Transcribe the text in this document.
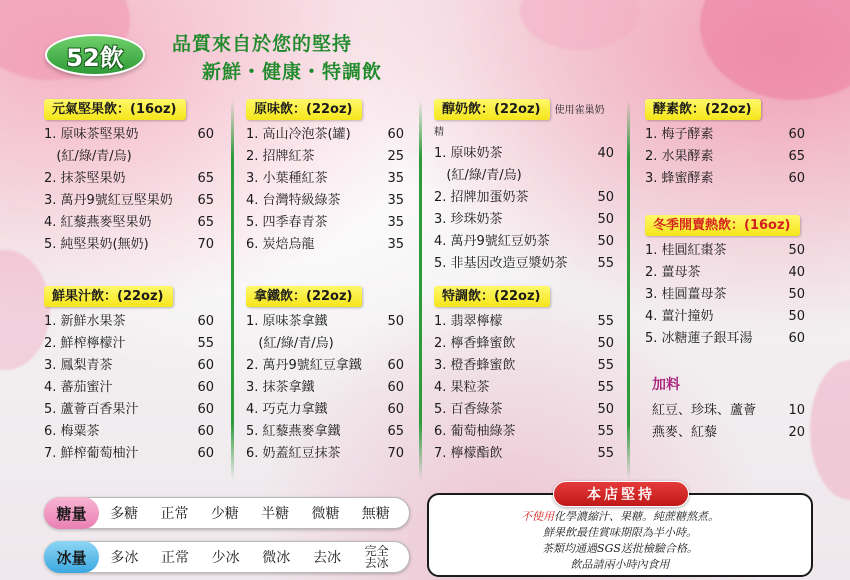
52飲	品質來自於您的堅持
新鮮・健康・特調飲
元氣堅果飲：(16oz)
1. 原味茶堅果奶	60
(紅/綠/青/烏)
2. 抹茶堅果奶	65
3. 萬丹9號紅豆堅果奶	65
4. 紅藜燕麥堅果奶	65
5. 純堅果奶(無奶)	70
鮮果汁飲：(22oz)
1. 新鮮水果茶	60
2. 鮮榨檸檬汁	55
3. 鳳梨青茶	60
4. 蕃茄蜜汁	60
5. 蘆薈百香果汁	60
6. 梅粟茶	60
7. 鮮榨葡萄柚汁	60
原味飲：(22oz)
1. 高山冷泡茶(罐)	60
2. 招牌紅茶	25
3. 小葉種紅茶	35
4. 台灣特級綠茶	35
5. 四季春青茶	35
6. 炭焙烏龍	35
拿鐵飲：(22oz)
1. 原味茶拿鐵	50
(紅/綠/青/烏)
2. 萬丹9號紅豆拿鐵	60
3. 抹茶拿鐵	60
4. 巧克力拿鐵	60
5. 紅藜燕麥拿鐵	65
6. 奶蓋紅豆抹茶	70
醇奶飲：(22oz) 使用雀巢奶精
1. 原味奶茶	40
(紅/綠/青/烏)
2. 招牌加蛋奶茶	50
3. 珍珠奶茶	50
4. 萬丹9號紅豆奶茶	50
5. 非基因改造豆漿奶茶	55
特調飲：(22oz)
1. 翡翠檸檬	55
2. 檸香蜂蜜飲	50
3. 橙香蜂蜜飲	55
4. 果粒茶	55
5. 百香綠茶	50
6. 葡萄柚綠茶	55
7. 檸檬酯飲	55
酵素飲：(22oz)
1. 梅子酵素	60
2. 水果酵素	65
3. 蜂蜜酵素	60
冬季開賣熱飲：(16oz)
1. 桂圓紅棗茶	50
2. 薑母茶	40
3. 桂圓薑母茶	50
4. 薑汁撞奶	50
5. 冰糖蓮子銀耳湯	60
加料
紅豆、珍珠、蘆薈	10
燕麥、紅藜	20
糖量	多糖 正常 少糖 半糖 微糖 無糖
冰量	多冰 正常 少冰 微冰 去冰 完全去冰
本店堅持
不使用化學濃縮汁、果糖。純蔗糖熬煮。
鮮果飲最佳賞味期限為半小時。
茶類均通過SGS送批檢驗合格。
飲品請兩小時內食用
